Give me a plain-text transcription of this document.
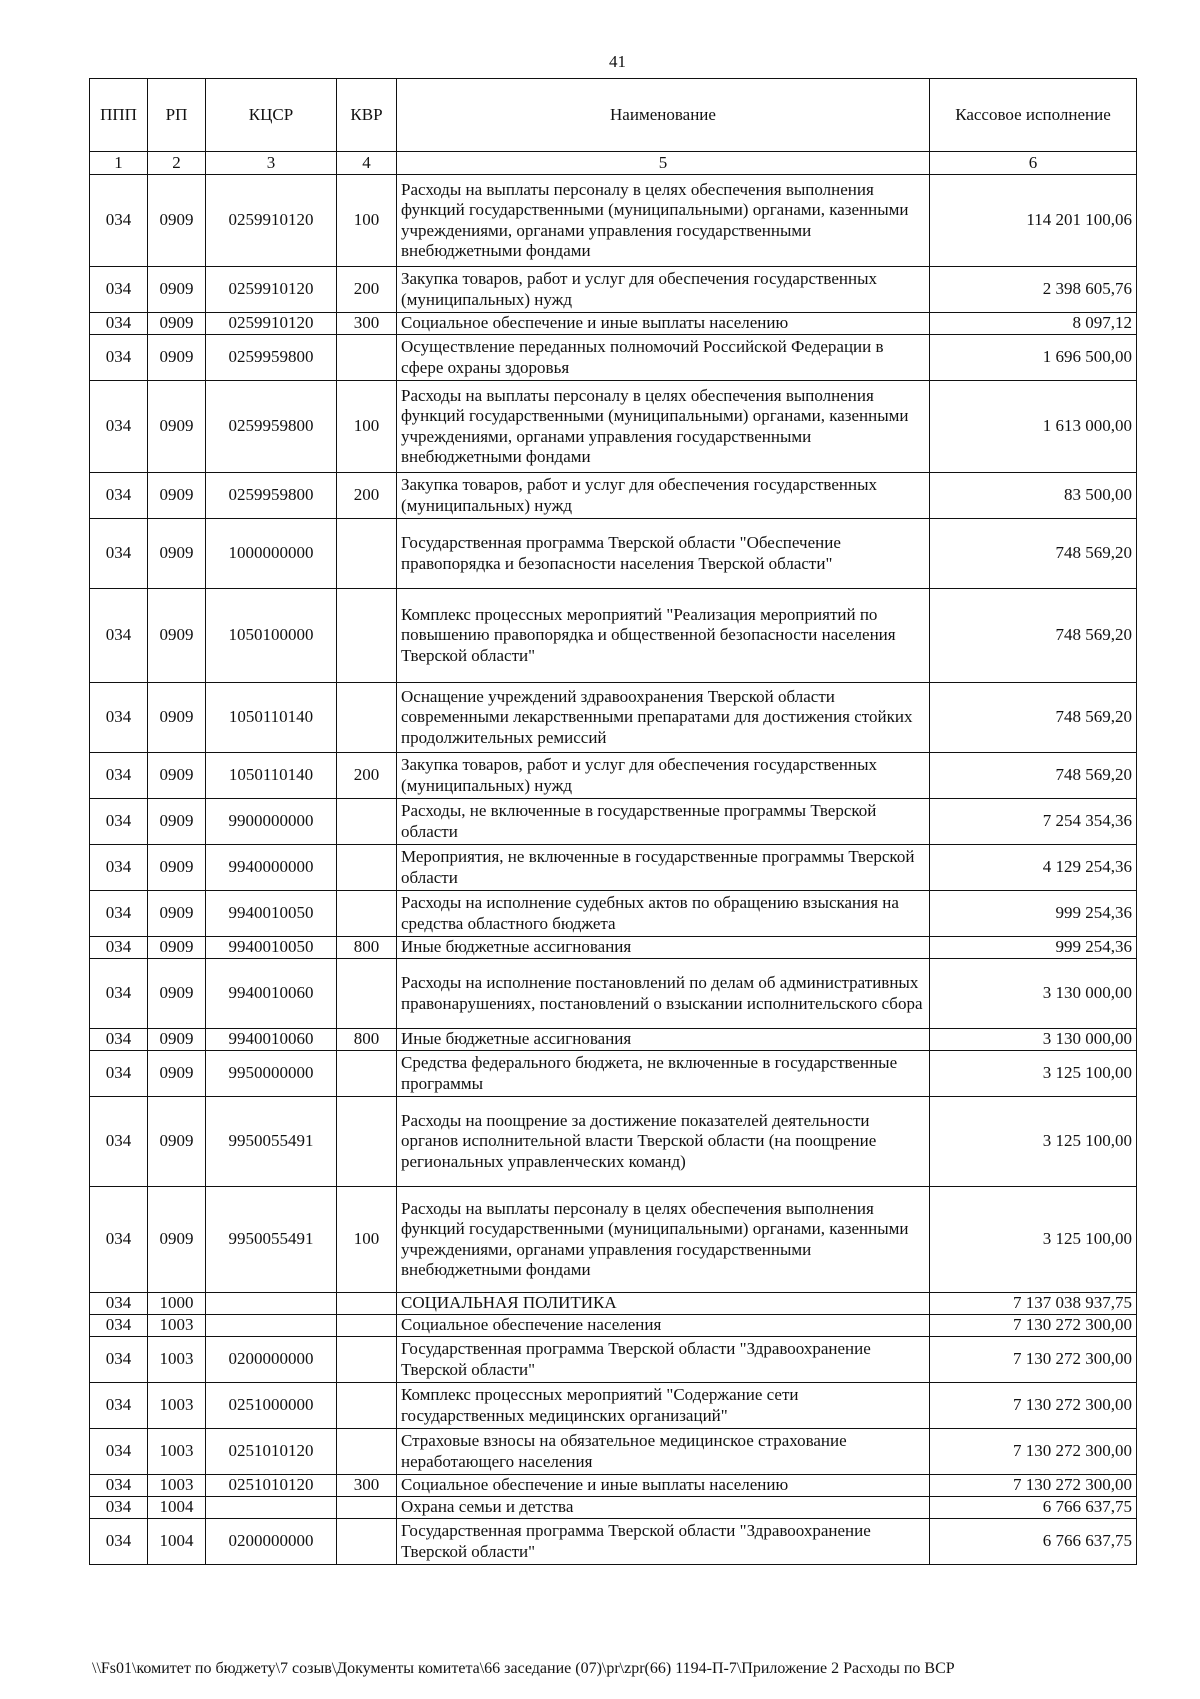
41
ППП	РП	КЦСР	КВР	Наименование	Кассовое исполнение
1	2	3	4	5	6
034	0909	0259910120	100	Расходы на выплаты персоналу в целях обеспечения выполнения функций государственными (муниципальными) органами, казенными учреждениями, органами управления государственными внебюджетными фондами	114 201 100,06
034	0909	0259910120	200	Закупка товаров, работ и услуг для обеспечения государственных (муниципальных) нужд	2 398 605,76
034	0909	0259910120	300	Социальное обеспечение и иные выплаты населению	8 097,12
034	0909	0259959800		Осуществление переданных полномочий Российской Федерации в сфере охраны здоровья	1 696 500,00
034	0909	0259959800	100	Расходы на выплаты персоналу в целях обеспечения выполнения функций государственными (муниципальными) органами, казенными учреждениями, органами управления государственными внебюджетными фондами	1 613 000,00
034	0909	0259959800	200	Закупка товаров, работ и услуг для обеспечения государственных (муниципальных) нужд	83 500,00
034	0909	1000000000		Государственная программа Тверской области "Обеспечение правопорядка и безопасности населения Тверской области"	748 569,20
034	0909	1050100000		Комплекс процессных мероприятий "Реализация мероприятий по повышению правопорядка и общественной безопасности населения Тверской области"	748 569,20
034	0909	1050110140		Оснащение учреждений здравоохранения Тверской области современными лекарственными препаратами для достижения стойких продолжительных ремиссий	748 569,20
034	0909	1050110140	200	Закупка товаров, работ и услуг для обеспечения государственных (муниципальных) нужд	748 569,20
034	0909	9900000000		Расходы, не включенные в государственные программы Тверской области	7 254 354,36
034	0909	9940000000		Мероприятия, не включенные в государственные программы Тверской области	4 129 254,36
034	0909	9940010050		Расходы на исполнение судебных актов по обращению взыскания на средства областного бюджета	999 254,36
034	0909	9940010050	800	Иные бюджетные ассигнования	999 254,36
034	0909	9940010060		Расходы на исполнение постановлений по делам об административных правонарушениях, постановлений о взыскании исполнительского сбора	3 130 000,00
034	0909	9940010060	800	Иные бюджетные ассигнования	3 130 000,00
034	0909	9950000000		Средства федерального бюджета, не включенные в государственные программы	3 125 100,00
034	0909	9950055491		Расходы на поощрение за достижение показателей деятельности органов исполнительной власти Тверской области (на поощрение региональных управленческих команд)	3 125 100,00
034	0909	9950055491	100	Расходы на выплаты персоналу в целях обеспечения выполнения функций государственными (муниципальными) органами, казенными учреждениями, органами управления государственными внебюджетными фондами	3 125 100,00
034	1000			СОЦИАЛЬНАЯ ПОЛИТИКА	7 137 038 937,75
034	1003			Социальное обеспечение населения	7 130 272 300,00
034	1003	0200000000		Государственная программа Тверской области "Здравоохранение Тверской области"	7 130 272 300,00
034	1003	0251000000		Комплекс процессных мероприятий "Содержание сети государственных медицинских организаций"	7 130 272 300,00
034	1003	0251010120		Страховые взносы на обязательное медицинское страхование неработающего населения	7 130 272 300,00
034	1003	0251010120	300	Социальное обеспечение и иные выплаты населению	7 130 272 300,00
034	1004			Охрана семьи и детства	6 766 637,75
034	1004	0200000000		Государственная программа Тверской области "Здравоохранение Тверской области"	6 766 637,75
\\Fs01\комитет по бюджету\7 созыв\Документы комитета\66 заседание (07)\pr\zpr(66) 1194-П-7\Приложение 2 Расходы по ВСР
